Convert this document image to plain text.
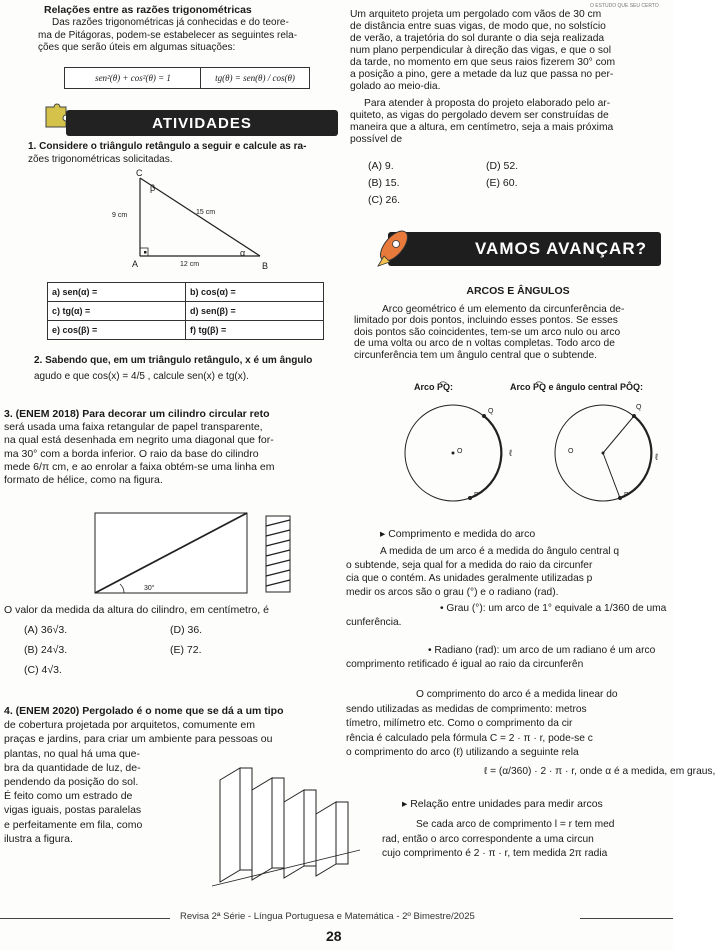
Relações entre as razões trigonométricas
Das razões trigonométricas já conhecidas e do teore-
ma de Pitágoras, podem-se estabelecer as seguintes rela-
ções que serão úteis em algumas situações:
sen²(θ) + cos²(θ) = 1	tg(θ) = sen(θ) / cos(θ)
ATIVIDADES
1. Considere o triângulo retângulo a seguir e calcule as ra-
zões trigonométricas solicitadas.
C
β
9 cm	15 cm
α
A	12 cm	B
a) sen(α) =	b) cos(α) =
c) tg(α) =	d) sen(β) =
e) cos(β) =	f) tg(β) =
2. Sabendo que, em um triângulo retângulo, x é um ângulo
agudo e que cos(x) = 4/5 , calcule sen(x) e tg(x).
3. (ENEM 2018) Para decorar um cilindro circular reto
será usada uma faixa retangular de papel transparente,
na qual está desenhada em negrito uma diagonal que for-
ma 30° com a borda inferior. O raio da base do cilindro
mede 6/π cm, e ao enrolar a faixa obtém-se uma linha em
formato de hélice, como na figura.
30°
O valor da medida da altura do cilindro, em centímetro, é
(A) 36√3.	(D) 36.
(B) 24√3.	(E) 72.
(C) 4√3.
4. (ENEM 2020) Pergolado é o nome que se dá a um tipo
de cobertura projetada por arquitetos, comumente em
praças e jardins, para criar um ambiente para pessoas ou
plantas, no qual há uma que-
bra da quantidade de luz, de-
pendendo da posição do sol.
É feito como um estrado de
vigas iguais, postas paralelas
e perfeitamente em fila, como
ilustra a figura.
O ESTUDO QUE SEU CERTO
Um arquiteto projeta um pergolado com vãos de 30 cm
de distância entre suas vigas, de modo que, no solstício
de verão, a trajetória do sol durante o dia seja realizada
num plano perpendicular à direção das vigas, e que o sol
da tarde, no momento em que seus raios fizerem 30° com
a posição a pino, gere a metade da luz que passa no per-
golado ao meio-dia.
Para atender à proposta do projeto elaborado pelo ar-
quiteto, as vigas do pergolado devem ser construídas de
maneira que a altura, em centímetro, seja a mais próxima
possível de
(A) 9.	(D) 52.
(B) 15.	(E) 60.
(C) 26.
VAMOS AVANÇAR?
ARCOS E ÂNGULOS
Arco geométrico é um elemento da circunferência de-
limitado por dois pontos, incluindo esses pontos. Se esses
dois pontos são coincidentes, tem-se um arco nulo ou arco
de uma volta ou arco de n voltas completas. Todo arco de
circunferência tem um ângulo central que o subtende.
Arco P͡Q:	Arco P͡Q e ângulo central PÔQ:
Q
O	ℓ
P
Q
O
ℓ
P
▸ Comprimento e medida do arco
A medida de um arco é a medida do ângulo central q
o subtende, seja qual for a medida do raio da circunfer
cia que o contém. As unidades geralmente utilizadas p
medir os arcos são o grau (°) e o radiano (rad).
• Grau (°): um arco de 1° equivale a 1/360 de uma
cunferência.
• Radiano (rad): um arco de um radiano é um arco
comprimento retificado é igual ao raio da circunferên
O comprimento do arco é a medida linear do
sendo utilizadas as medidas de comprimento: metros
tímetro, milímetro etc. Como o comprimento da cir
rência é calculado pela fórmula C = 2 · π · r, pode-se c
o comprimento do arco (ℓ) utilizando a seguinte rela
ℓ = (α/360) · 2 · π · r, onde α é a medida, em graus,
▸ Relação entre unidades para medir arcos
Se cada arco de comprimento l = r tem med
rad, então o arco correspondente a uma circun
cujo comprimento é 2 · π · r, tem medida 2π radia
Revisa 2ª Série - Língua Portuguesa e Matemática - 2º Bimestre/2025
28
